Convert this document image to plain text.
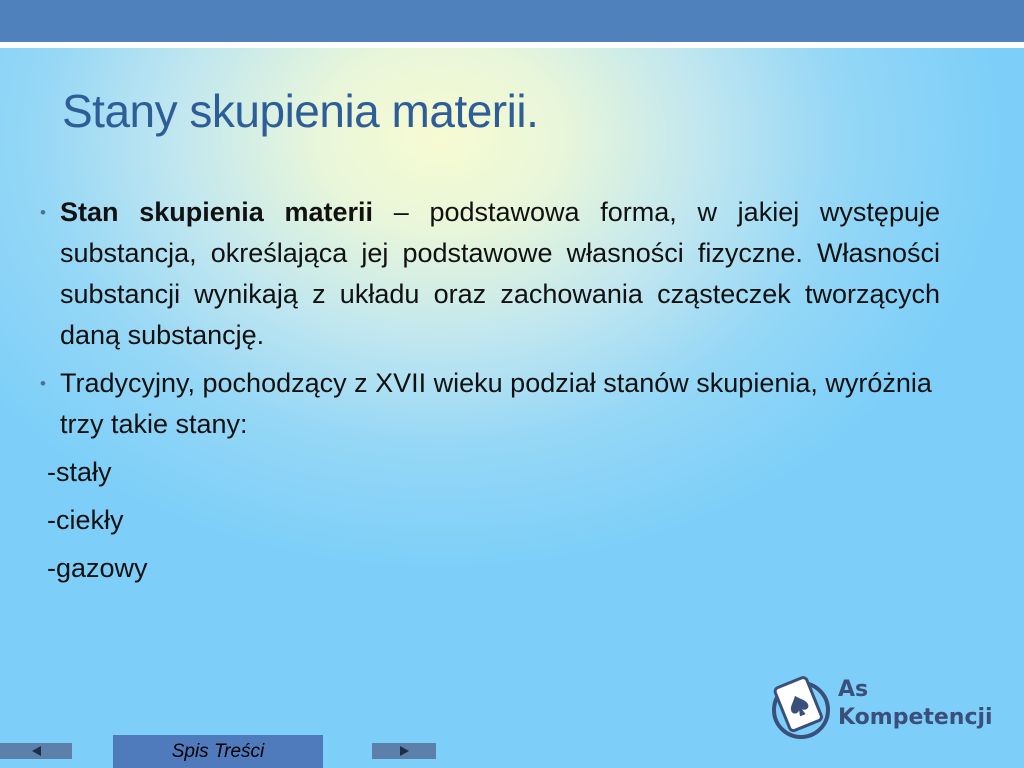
Stany skupienia materii.

• Stan skupienia materii – podstawowa forma, w jakiej występuje substancja, określająca jej podstawowe własności fizyczne. Własności substancji wynikają z układu oraz zachowania cząsteczek tworzących daną substancję.

• Tradycyjny, pochodzący z XVII wieku podział stanów skupienia, wyróżnia trzy takie stany:

-stały

-ciekły

-gazowy

As
Kompetencji
Spis Treści
